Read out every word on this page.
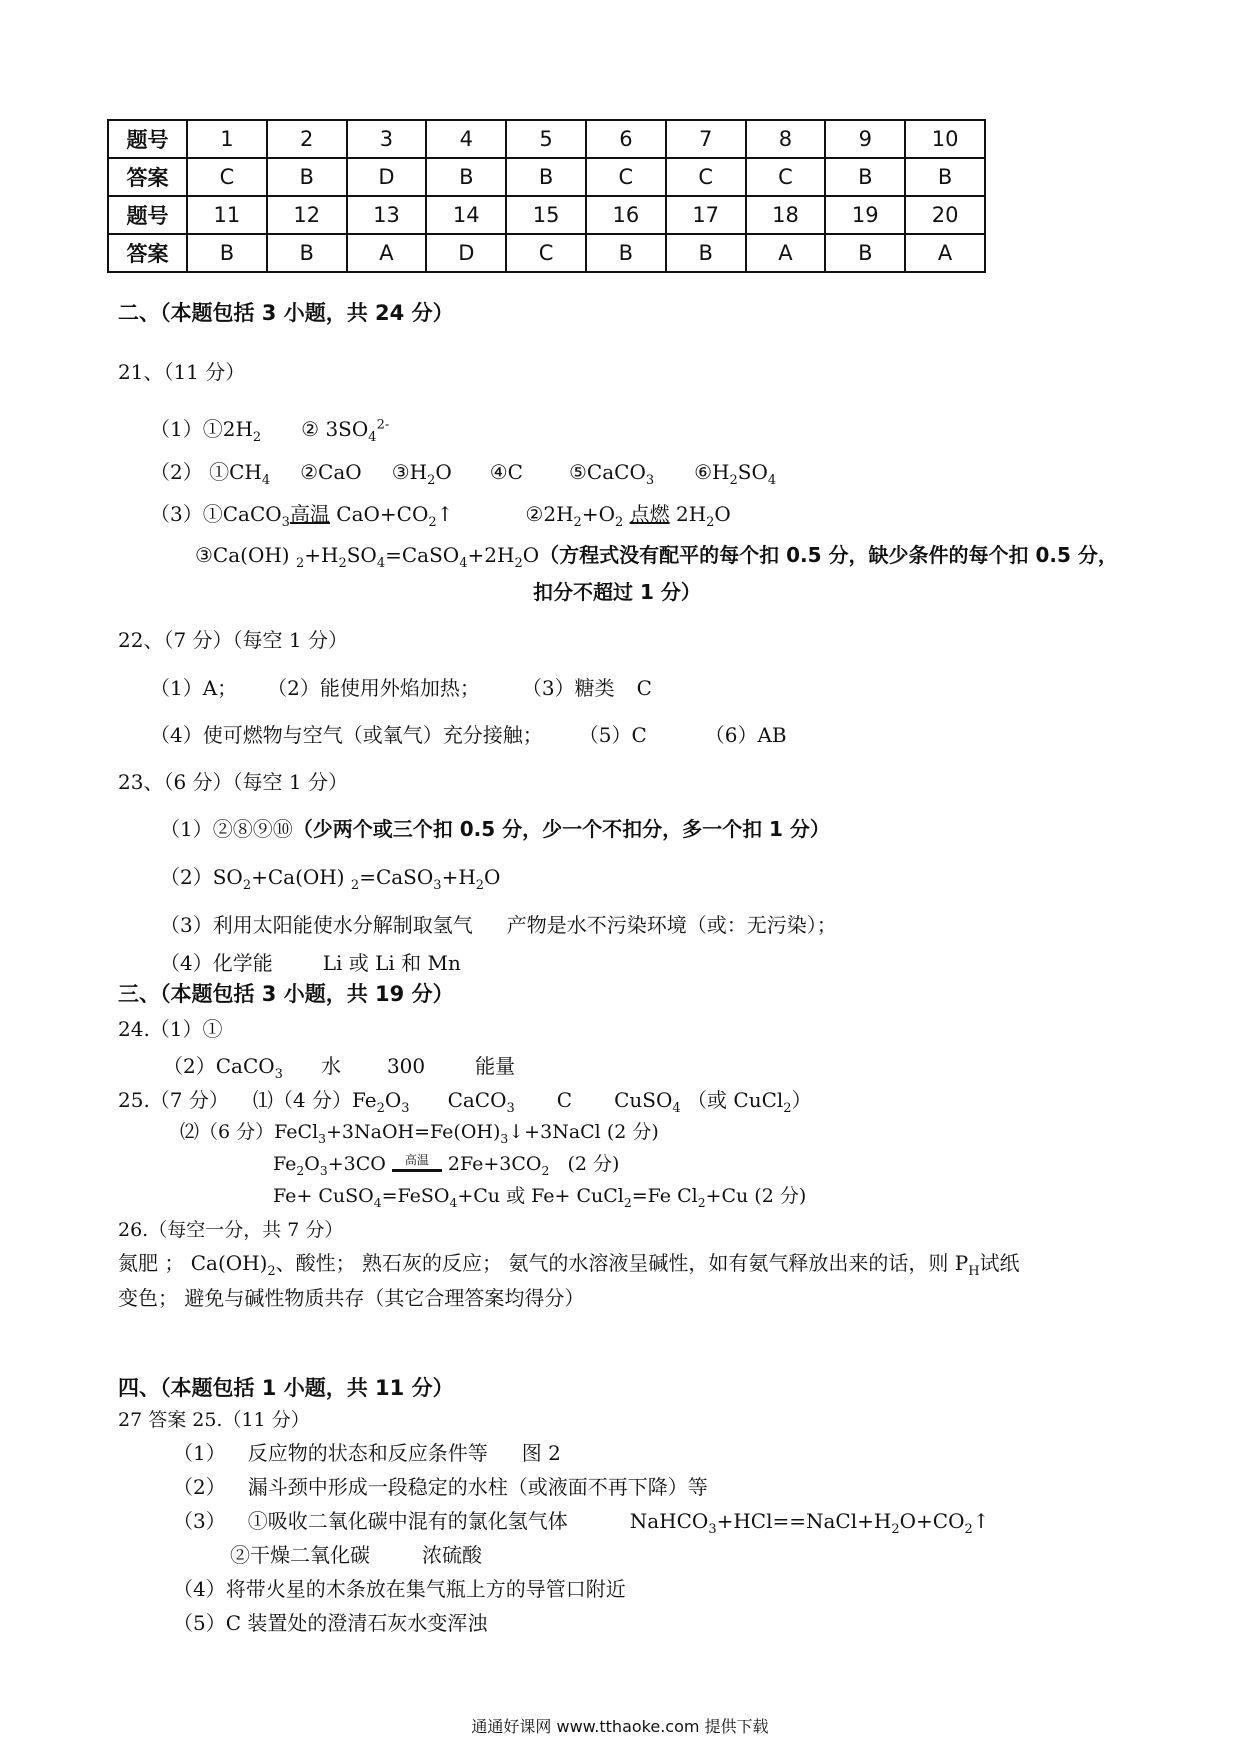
题号	1	2	3	4	5	6	7	8	9	10
答案	C	B	D	B	B	C	C	C	B	B
题号	11	12	13	14	15	16	17	18	19	20
答案	B	B	A	D	C	B	B	A	B	A
二、（本题包括 3 小题，共 24 分）
21、（11 分）
$(1)①2H_2$ ② $3SO_4^{2-}$
（2） $①CH_4$ ②CaO $③H_2O$ ④C ⑤CaCO$_3$ $⑥H_2SO_4$
（3）①CaCO$_3$高温 $CaO+CO_2↑$	$②2H_2+O_2$ 点燃 $2H_2O$
③Ca(OH) $_2+H_2SO_4=CaSO_4+2H_2O$（方程式没有配平的每个扣 0.5 分，缺少条件的每个扣 0.5 分，
扣分不超过 1 分）
22、（7 分）（每空 1 分）
（1）A； （2）能使用外焰加热； （3）糖类 C
（4）使可燃物与空气（或氧气）充分接触； （5）C	（6）AB
23、（6 分）（每空 1 分）
（1）②⑧⑨⑩（少两个或三个扣 0.5 分，少一个不扣分，多一个扣 1 分）
$(2)SO_2+Ca(OH)$ $_2=CaSO_3+H_2O$
（3）利用太阳能使水分解制取氢气 产物是水不污染环境（或：无污染）；
（4）化学能	Li 或 Li 和 Mn
三、（本题包括 3 小题，共 19 分）
24.（1）①
（2）CaCO$_3$ 水 300	能量
25.（7 分） ⑴（4 分）$Fe_2O_3$ CaCO$_3$ C CuSO$_4$ （或 CuCl$_2$）
⑵（6 分）$FeCl_3+3NaOH=Fe(OH)_3↓+3NaCl$ (2 分)
$Fe_2O_3+3CO$ 高温
$2Fe+3CO_2$ (2 分)
Fe+ CuSO$_4$=FeSO$_4$+Cu 或 Fe+ CuCl$_2$=Fe $Cl_2+Cu$ (2 分)
26.（每空一分，共 7 分）
氮肥 ； $Ca(OH)_2$、酸性； 熟石灰的反应； 氨气的水溶液呈碱性，如有氨气释放出来的话，则 $P_H$试纸
变色； 避免与碱性物质共存（其它合理答案均得分）
四、（本题包括 1 小题，共 11 分）
27 答案 25.（11 分）
（1） 反应物的状态和反应条件等 图 2
（2） 漏斗颈中形成一段稳定的水柱（或液面不再下降）等
（3） ①吸收二氧化碳中混有的氯化氢气体	$NaHCO_3+HCl==NaCl+H_2O+CO_2↑$
②干燥二氧化碳	浓硫酸
（4）将带火星的木条放在集气瓶上方的导管口附近
（5）C 装置处的澄清石灰水变浑浊
通通好课网 www.tthaoke.com 提供下载
